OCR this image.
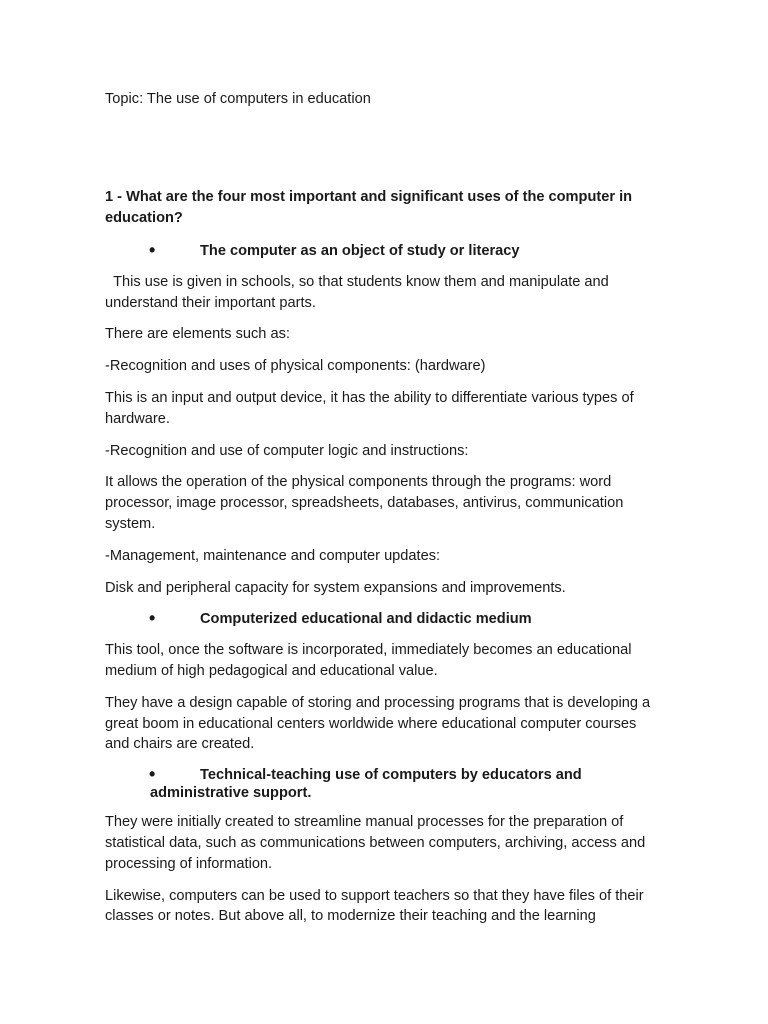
Topic: The use of computers in education

1 - What are the four most important and significant uses of the computer in education?

•	The computer as an object of study or literacy

This use is given in schools, so that students know them and manipulate and understand their important parts.

There are elements such as:

-Recognition and uses of physical components: (hardware)

This is an input and output device, it has the ability to differentiate various types of hardware.

-Recognition and use of computer logic and instructions:

It allows the operation of the physical components through the programs: word processor, image processor, spreadsheets, databases, antivirus, communication system.

-Management, maintenance and computer updates:

Disk and peripheral capacity for system expansions and improvements.

•	Computerized educational and didactic medium

This tool, once the software is incorporated, immediately becomes an educational medium of high pedagogical and educational value.

They have a design capable of storing and processing programs that is developing a great boom in educational centers worldwide where educational computer courses and chairs are created.

•	Technical-teaching use of computers by educators and administrative support.

They were initially created to streamline manual processes for the preparation of statistical data, such as communications between computers, archiving, access and processing of information.

Likewise, computers can be used to support teachers so that they have files of their classes or notes. But above all, to modernize their teaching and the learning
